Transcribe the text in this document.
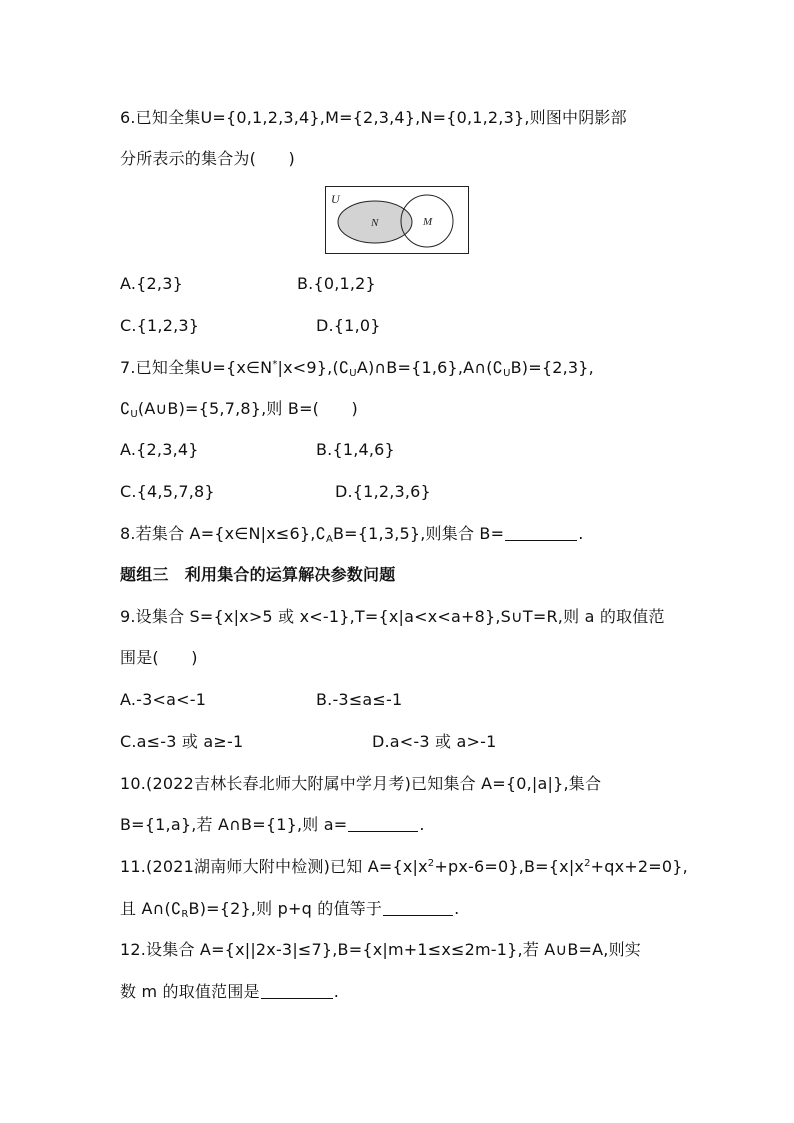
6.已知全集U={0,1,2,3,4},M={2,3,4},N={0,1,2,3},则图中阴影部
分所表示的集合为(　　)
U
N	M
A.{2,3}	B.{0,1,2}
C.{1,2,3}	D.{1,0}
7.已知全集$U=\{x\in N^*|x<9\},(∁_UA)\cap B=\{1,6\},A\cap(∁_UB)=\{2,3\}$,
$∁_U(A\cup B)=\{5,7,8\}$,则 B=(　　)
A.{2,3,4}	B.{1,4,6}
C.{4,5,7,8}	D.{1,2,3,6}
8.若集合 $A=\{x\in N|x\le 6\},∁_AB=\{1,3,5\}$,则集合 B=	.
题组三　利用集合的运算解决参数问题
9.设集合 S={x|x>5 或 x<-1},T={x|a<x<a+8},S∪T=R,则 a 的取值范
围是(　　)
A.-3<a<-1	B.-3≤a≤-1
C.a≤-3 或 a≥-1	D.a<-3 或 a>-1
10.(2022吉林长春北师大附属中学月考)已知集合 A={0,|a|},集合
B={1,a},若 A∩B={1},则 a=	.
11.(2021湖南师大附中检测)已知 $A=\{x|x^2+px-6=0\},B=\{x|x^2+qx+2=0\}$,
且 $A\cap(∁_RB)=\{2\}$,则 p+q 的值等于	.
12.设集合 A={x||2x-3|≤7},B={x|m+1≤x≤2m-1},若 A∪B=A,则实
数 m 的取值范围是	.
